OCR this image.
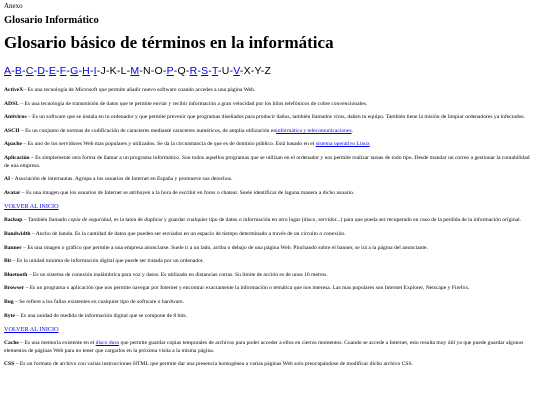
Anexo
Glosario Informático
Glosario básico de términos en la informática
A-B-C-D-E-F-G-H-I-J-K-L-M-N-O-P-Q-R-S-T-U-V-X-Y-Z

ActiveX– Es una tecnología de Microsoft que permite añadir nuevo software cuando accedes a una página Web.

ADSL – Es una tecnología de transmisión de datos que te permite enviar y recibir información a gran velocidad por los hilos telefónicos de cobre convencionales.

Antivirus – Es un software que se instala en tu ordenador y que permite prevenir que programas diseñados para producir daños, también llamados virus, dañen tu equipo. También tiene la misión de limpiar ordenadores ya infectados.

ASCII – Es un conjunto de normas de codificación de caracteres mediante caracteres numéricos, de amplia utilización eninformática y telecomunicaciones.

Apache – Es uno de los servidores Web mas populares y utilizados. Se da la circunstancia de que es de dominio público. Está basado en el sistema operativo Linux

Aplicación – Es simplemente otra forma de llamar a un programa informático. Son todos aquellos programas que se utilizan en el ordenador y nos permite realizar tareas de todo tipo. Desde mandar un correo a gestionar la contabilidad de una empresa.

AI - Asociación de internautas. Agrupa a los usuarios de Internet en España y promueve sus derechos.

Avatar – Es una imagen que los usuarios de Internet se atribuyen a la hora de escribir en foros o chatear. Suele identificar de laguna manera a dicho usuario.

VOLVER AL INICIO

Backup – También llamado copia de seguridad, es la tarea de duplicar y guardar cualquier tipo de datos o información en otro lugar (disco, servidor...) para que pueda ser recuperado en caso de la perdida de la información original.

Bandwidth – Ancho de banda. Es la cantidad de datos que pueden ser enviados en un espacio de tiempo determinado a través de un circuito o conexión.

Banner – Es una imagen o gráfico que permite a una empresa anunciarse. Suele ir a un lado, arriba o debajo de una página Web. Pinchando sobre el banner, se irá a la página del anunciante.

Bit – Es la unidad mínima de información digital que puede ser tratada por un ordenador.

Bluetooth – Es un sistema de conexión inalámbrica para voz y datos. Es utilizado en distancias cortas. Su límite de acción es de unos 10 metros.

Browser – Es un programa o aplicación que nos permite navegar por Internet y encontrar exactamente la información o temática que nos interesa. Las mas populares son Internet Explorer, Netscape y Firefox.

Bug – Se refiere a los fallos existentes en cualquier tipo de software o hardware.

Byte – Es una unidad de medida de información digital que se compone de 8 bits.

VOLVER AL INICIO

Cache – Es una memoria existente en el disco duro que permite guardar copias temporales de archivos para poder acceder a ellos en ciertos momentos. Cuando se accede a Internet, esto resulta muy útil ya que puede guardar algunos elementos de páginas Web para no tener que cargarlos en la próxima visita a la misma página.

CSS – Es un formato de archivo con varias instrucciones HTML que permite dar una presencia homogénea a varias páginas Web solo preocupándose de modificar dicho archivo CSS.
